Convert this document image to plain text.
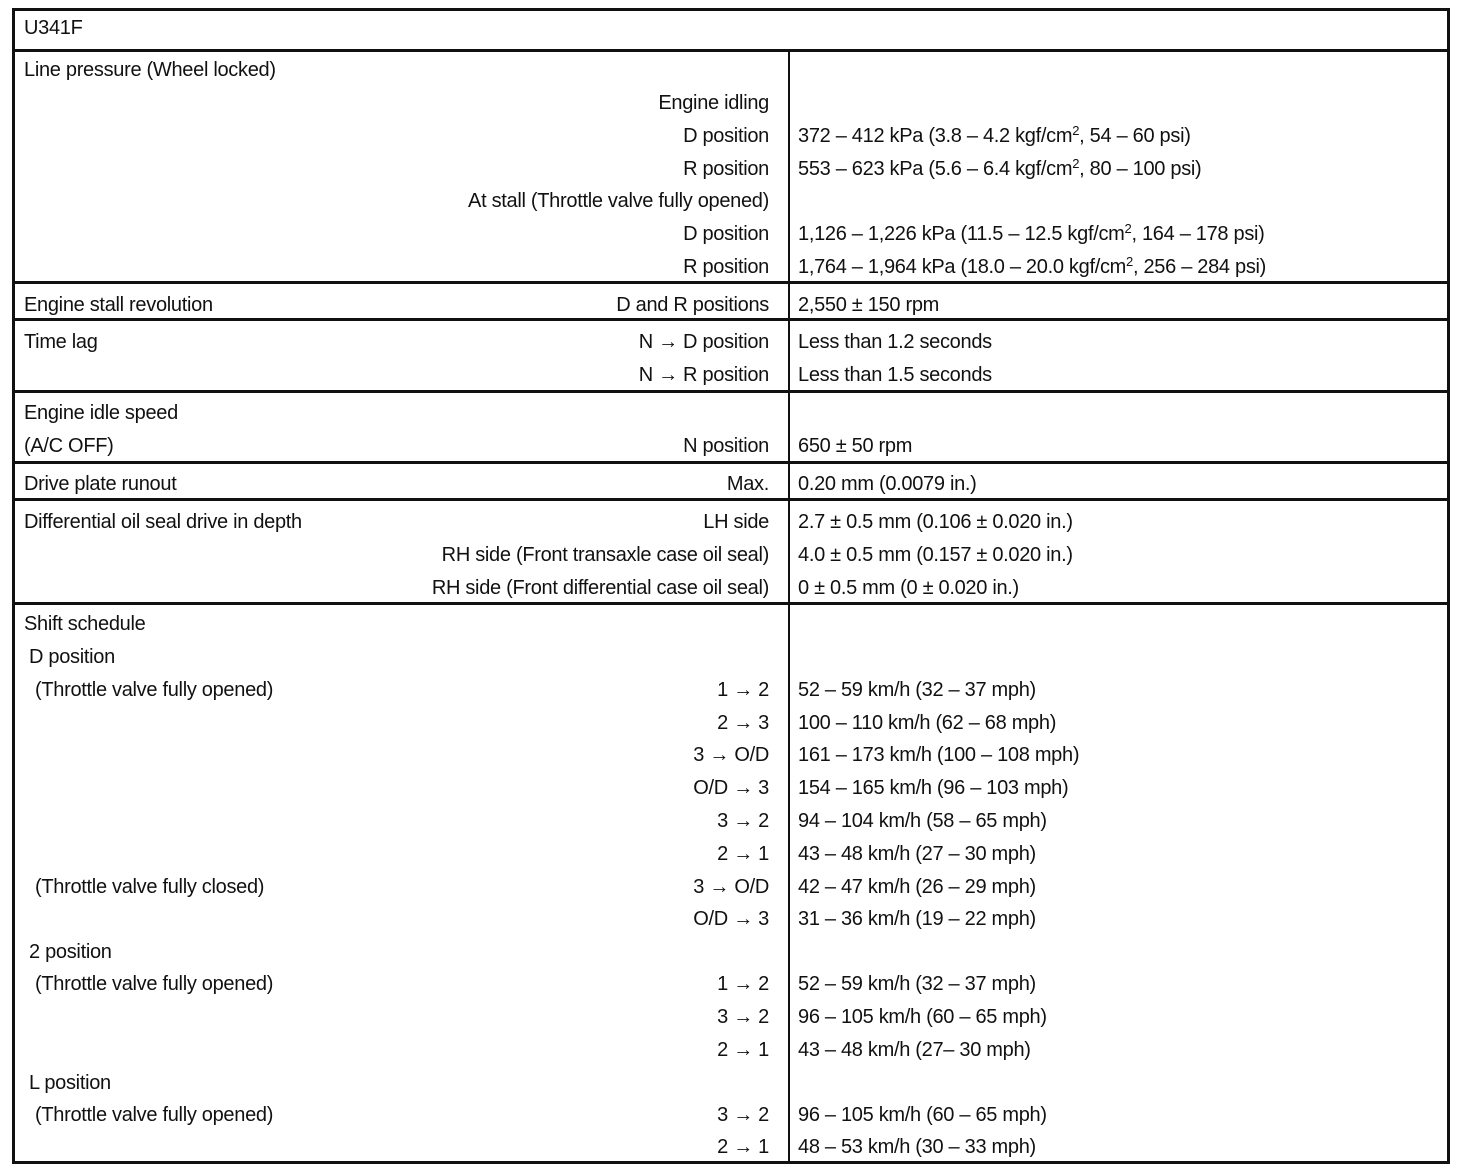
U341F
Line pressure (Wheel locked)
Engine idling
D position 372 – 412 kPa (3.8 – 4.2 kgf/$cm^2$, 54 – 60 psi)
R position 553 – 623 kPa (5.6 – 6.4 kgf/$cm^2$, 80 – 100 psi)
At stall (Throttle valve fully opened)
D position 1,126 – 1,226 kPa (11.5 – 12.5 kgf/$cm^2$, 164 – 178 psi)
R position 1,764 – 1,964 kPa (18.0 – 20.0 kgf/$cm^2$, 256 – 284 psi)
Engine stall revolution	D and R positions 2,550 ± 150 rpm
Time lag	N → D position Less than 1.2 seconds
N → R position Less than 1.5 seconds
Engine idle speed
(A/C OFF)	N position 650 ± 50 rpm
Drive plate runout	Max. 0.20 mm (0.0079 in.)
Differential oil seal drive in depth	LH side 2.7 ± 0.5 mm (0.106 ± 0.020 in.)
RH side (Front transaxle case oil seal) 4.0 ± 0.5 mm (0.157 ± 0.020 in.)
RH side (Front differential case oil seal) 0 ± 0.5 mm (0 ± 0.020 in.)
Shift schedule
D position
(Throttle valve fully opened)	1 → 2 52 – 59 km/h (32 – 37 mph)
2 → 3 100 – 110 km/h (62 – 68 mph)
3 → O/D 161 – 173 km/h (100 – 108 mph)
O/D → 3 154 – 165 km/h (96 – 103 mph)
3 → 2 94 – 104 km/h (58 – 65 mph)
2 → 1 43 – 48 km/h (27 – 30 mph)
(Throttle valve fully closed)	3 → O/D 42 – 47 km/h (26 – 29 mph)
O/D → 3 31 – 36 km/h (19 – 22 mph)
2 position
(Throttle valve fully opened)	1 → 2 52 – 59 km/h (32 – 37 mph)
3 → 2 96 – 105 km/h (60 – 65 mph)
2 → 1 43 – 48 km/h (27– 30 mph)
L position
(Throttle valve fully opened)	3 → 2 96 – 105 km/h (60 – 65 mph)
2 → 1 48 – 53 km/h (30 – 33 mph)
